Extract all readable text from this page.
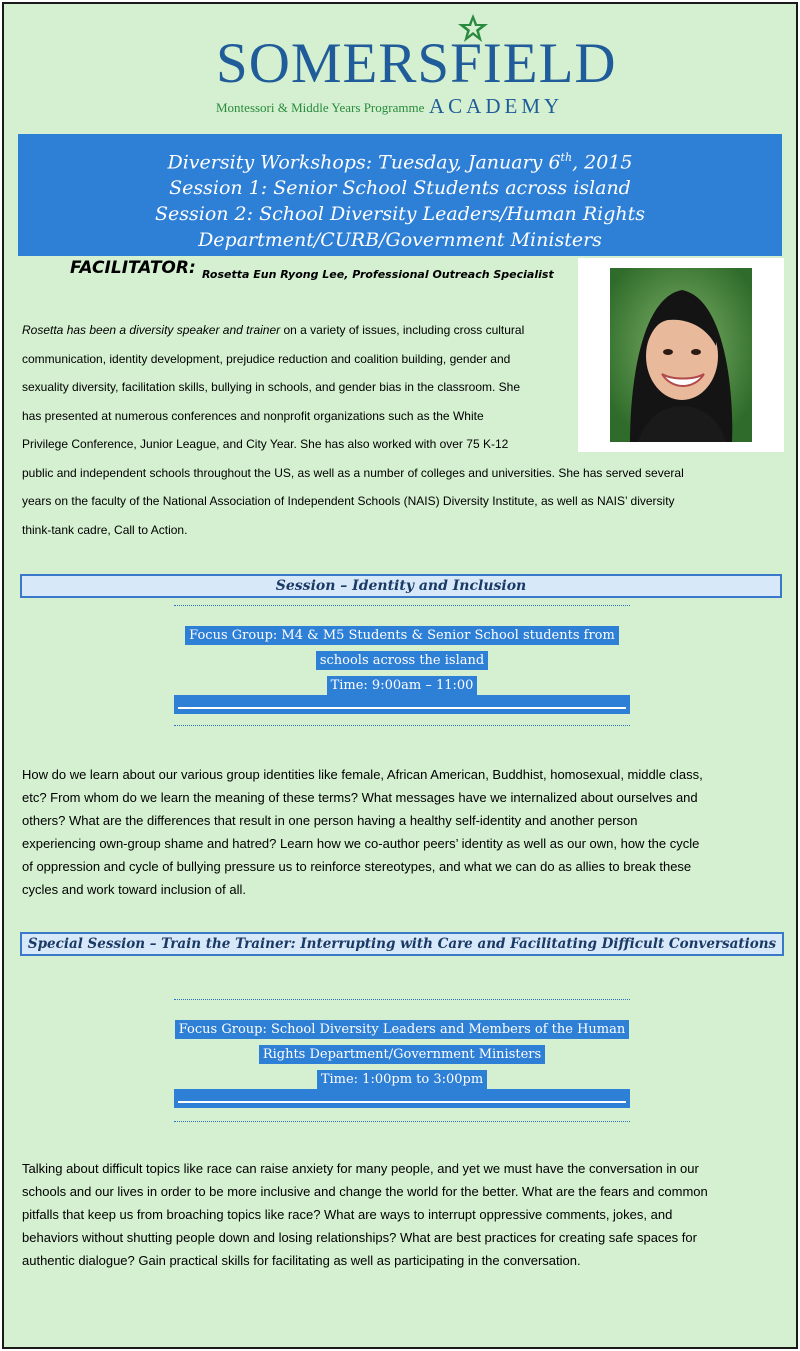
SOMERSFIELD
Montessori & Middle Years Programme ACADEMY
Diversity Workshops: Tuesday, January 6th, 2015
Session 1: Senior School Students across island
Session 2: School Diversity Leaders/Human Rights
Department/CURB/Government Ministers
FACILITATOR: Rosetta Eun Ryong Lee, Professional Outreach Specialist
Rosetta has been a diversity speaker and trainer on a variety of issues, including cross cultural
communication, identity development, prejudice reduction and coalition building, gender and
sexuality diversity, facilitation skills, bullying in schools, and gender bias in the classroom. She
has presented at numerous conferences and nonprofit organizations such as the White
Privilege Conference, Junior League, and City Year. She has also worked with over 75 K-12
public and independent schools throughout the US, as well as a number of colleges and universities. She has served several
years on the faculty of the National Association of Independent Schools (NAIS) Diversity Institute, as well as NAIS’ diversity
think-tank cadre, Call to Action.
Session – Identity and Inclusion
Focus Group: M4 & M5 Students & Senior School students from
schools across the island
Time: 9:00am – 11:00
How do we learn about our various group identities like female, African American, Buddhist, homosexual, middle class,
etc? From whom do we learn the meaning of these terms? What messages have we internalized about ourselves and
others? What are the differences that result in one person having a healthy self-identity and another person
experiencing own-group shame and hatred? Learn how we co-author peers’ identity as well as our own, how the cycle
of oppression and cycle of bullying pressure us to reinforce stereotypes, and what we can do as allies to break these
cycles and work toward inclusion of all.
Special Session – Train the Trainer: Interrupting with Care and Facilitating Difficult Conversations
Focus Group: School Diversity Leaders and Members of the Human
Rights Department/Government Ministers
Time: 1:00pm to 3:00pm
Talking about difficult topics like race can raise anxiety for many people, and yet we must have the conversation in our
schools and our lives in order to be more inclusive and change the world for the better. What are the fears and common
pitfalls that keep us from broaching topics like race? What are ways to interrupt oppressive comments, jokes, and
behaviors without shutting people down and losing relationships? What are best practices for creating safe spaces for
authentic dialogue? Gain practical skills for facilitating as well as participating in the conversation.
